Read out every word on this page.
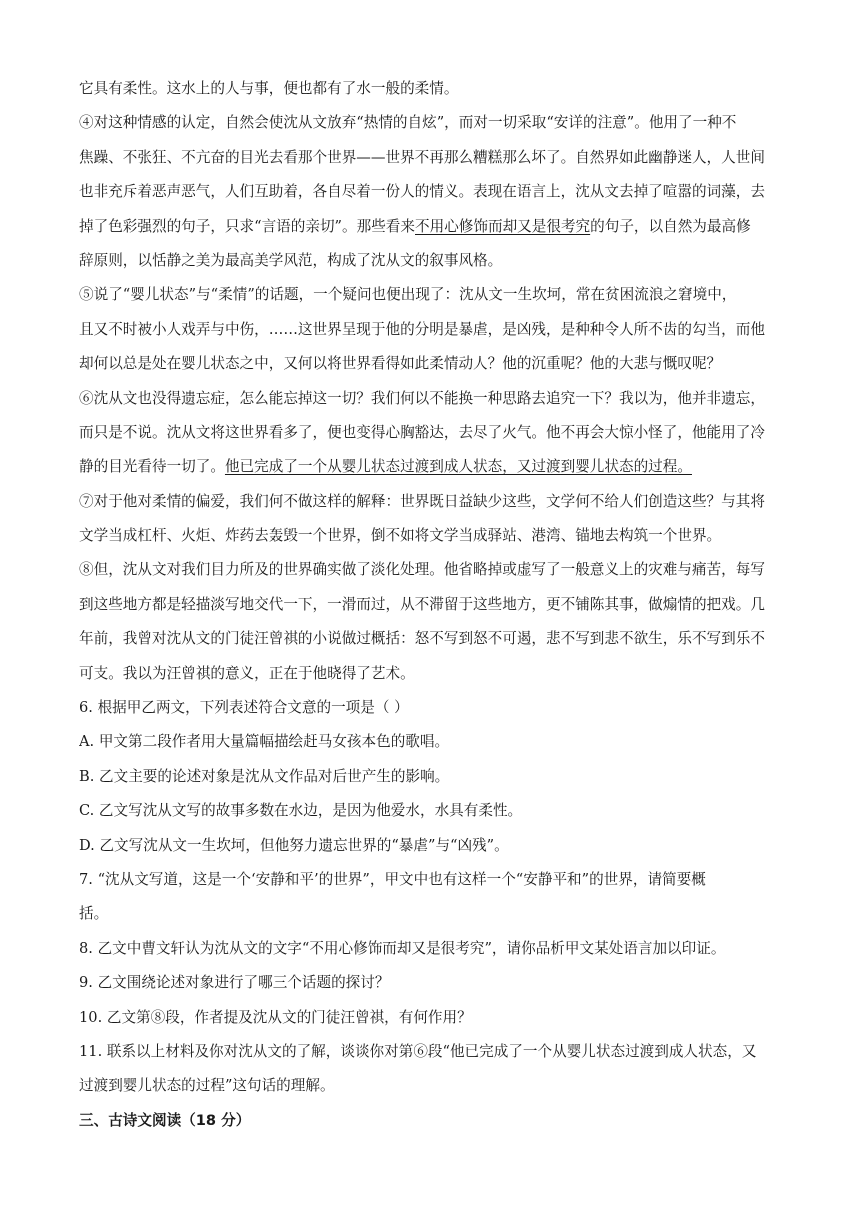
它具有柔性。这水上的人与事，便也都有了水一般的柔情。
④对这种情感的认定，自然会使沈从文放弃“热情的自炫”，而对一切采取“安详的注意”。他用了一种不
焦躁、不张狂、不亢奋的目光去看那个世界——世界不再那么糟糕那么坏了。自然界如此幽静迷人，人世间
也非充斥着恶声恶气，人们互助着，各自尽着一份人的情义。表现在语言上，沈从文去掉了喧嚣的词藻，去
掉了色彩强烈的句子，只求“言语的亲切”。那些看来不用心修饰而却又是很考究的句子，以自然为最高修
辞原则，以恬静之美为最高美学风范，构成了沈从文的叙事风格。
⑤说了“婴儿状态”与“柔情”的话题，一个疑问也便出现了：沈从文一生坎坷，常在贫困流浪之窘境中，
且又不时被小人戏弄与中伤，……这世界呈现于他的分明是暴虐，是凶残，是种种令人所不齿的勾当，而他
却何以总是处在婴儿状态之中，又何以将世界看得如此柔情动人？他的沉重呢？他的大悲与慨叹呢？
⑥沈从文也没得遗忘症，怎么能忘掉这一切？我们何以不能换一种思路去追究一下？我以为，他并非遗忘，
而只是不说。沈从文将这世界看多了，便也变得心胸豁达，去尽了火气。他不再会大惊小怪了，他能用了冷
静的目光看待一切了。他已完成了一个从婴儿状态过渡到成人状态，又过渡到婴儿状态的过程。
⑦对于他对柔情的偏爱，我们何不做这样的解释：世界既日益缺少这些，文学何不给人们创造这些？与其将
文学当成杠杆、火炬、炸药去轰毁一个世界，倒不如将文学当成驿站、港湾、锚地去构筑一个世界。
⑧但，沈从文对我们目力所及的世界确实做了淡化处理。他省略掉或虚写了一般意义上的灾难与痛苦，每写
到这些地方都是轻描淡写地交代一下，一滑而过，从不滞留于这些地方，更不铺陈其事，做煽情的把戏。几
年前，我曾对沈从文的门徒汪曾祺的小说做过概括：怒不写到怒不可遏，悲不写到悲不欲生，乐不写到乐不
可支。我以为汪曾祺的意义，正在于他晓得了艺术。
6. 根据甲乙两文，下列表述符合文意的一项是（ ）
A. 甲文第二段作者用大量篇幅描绘赶马女孩本色的歌唱。
B. 乙文主要的论述对象是沈从文作品对后世产生的影响。
C. 乙文写沈从文写的故事多数在水边，是因为他爱水，水具有柔性。
D. 乙文写沈从文一生坎坷，但他努力遗忘世界的“暴虐”与“凶残”。
7. “沈从文写道，这是一个‘安静和平’的世界”，甲文中也有这样一个“安静平和”的世界，请简要概
括。
8. 乙文中曹文轩认为沈从文的文字“不用心修饰而却又是很考究”，请你品析甲文某处语言加以印证。
9. 乙文围绕论述对象进行了哪三个话题的探讨？
10. 乙文第⑧段，作者提及沈从文的门徒汪曾祺，有何作用？
11. 联系以上材料及你对沈从文的了解，谈谈你对第⑥段“他已完成了一个从婴儿状态过渡到成人状态，又
过渡到婴儿状态的过程”这句话的理解。
三、古诗文阅读（18 分）
